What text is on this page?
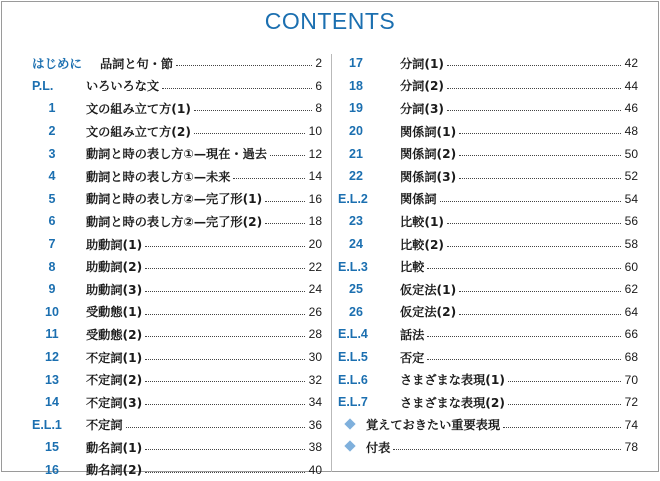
CONTENTS
はじめに 品詞と句・節	2
P.L.	いろいろな文	6
1	文の組み立て方(1)	8
2	文の組み立て方(2)	10
3	動詞と時の表し方①—現在・過去	12
4	動詞と時の表し方①—未来	14
5	動詞と時の表し方②—完了形(1)	16
6	動詞と時の表し方②—完了形(2)	18
7	助動詞(1)	20
8	助動詞(2)	22
9	助動詞(3)	24
10	受動態(1)	26
11	受動態(2)	28
12	不定詞(1)	30
13	不定詞(2)	32
14	不定詞(3)	34
E.L.1 不定詞	36
15	動名詞(1)	38
16	動名詞(2)	40
17	分詞(1)	42
18	分詞(2)	44
19	分詞(3)	46
20	関係詞(1)	48
21	関係詞(2)	50
22	関係詞(3)	52
E.L.2	関係詞	54
23	比較(1)	56
24	比較(2)	58
E.L.3	比較	60
25	仮定法(1)	62
26	仮定法(2)	64
E.L.4	話法	66
E.L.5	否定	68
E.L.6	さまざまな表現(1)	70
E.L.7	さまざまな表現(2)	72
覚えておきたい重要表現	74
付表	78
